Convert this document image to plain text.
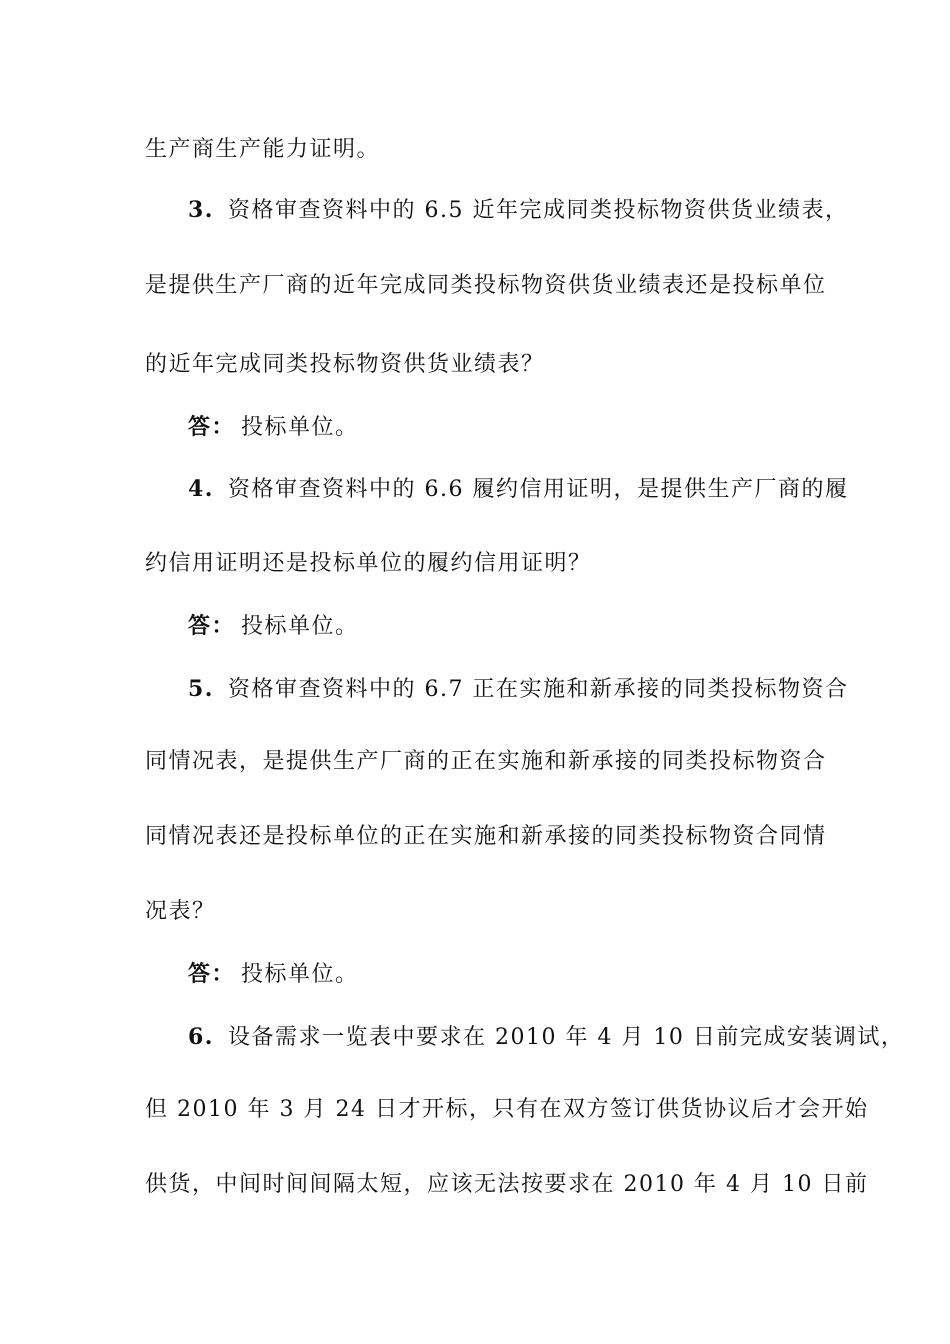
生产商生产能力证明。
3. 资格审查资料中的 6.5 近年完成同类投标物资供货业绩表，
是提供生产厂商的近年完成同类投标物资供货业绩表还是投标单位
的近年完成同类投标物资供货业绩表？
答： 投标单位。
4. 资格审查资料中的 6.6 履约信用证明，是提供生产厂商的履
约信用证明还是投标单位的履约信用证明？
答： 投标单位。
5. 资格审查资料中的 6.7 正在实施和新承接的同类投标物资合
同情况表，是提供生产厂商的正在实施和新承接的同类投标物资合
同情况表还是投标单位的正在实施和新承接的同类投标物资合同情
况表？
答： 投标单位。
6. 设备需求一览表中要求在 2010 年 4 月 10 日前完成安装调试，
但 2010 年 3 月 24 日才开标，只有在双方签订供货协议后才会开始
供货，中间时间间隔太短，应该无法按要求在 2010 年 4 月 10 日前
